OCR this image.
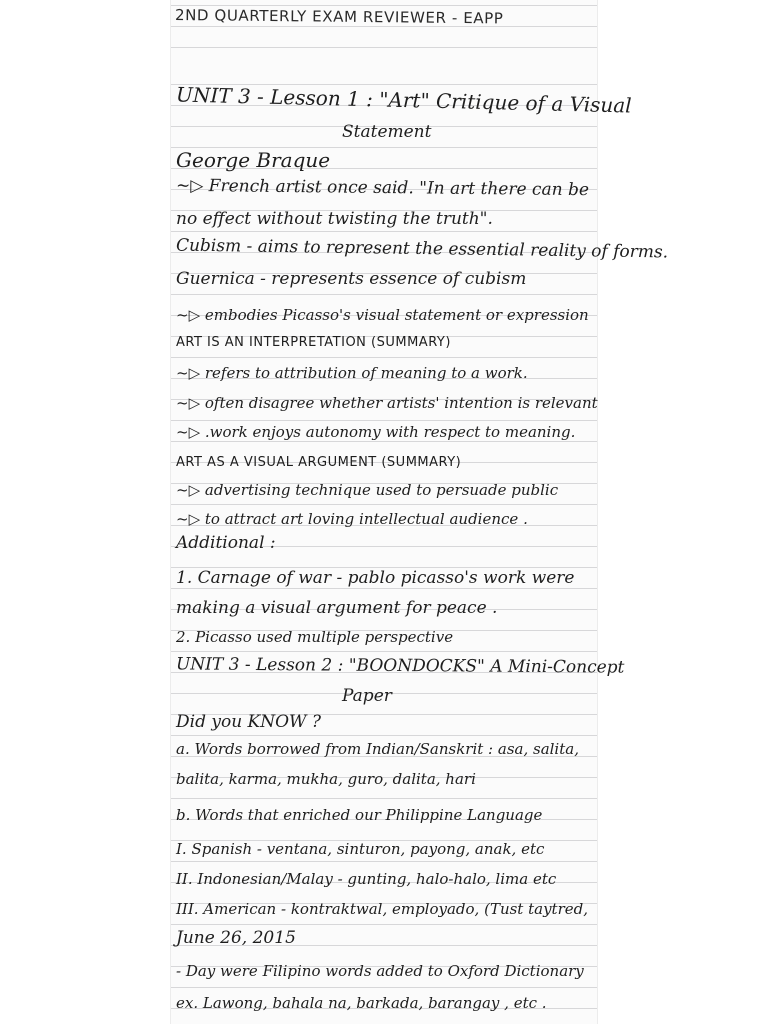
2ND QUARTERLY EXAM REVIEWER - EAPP
UNIT 3 - Lesson 1 : "Art" Critique of a Visual
Statement
George Braque
~▷ French artist once said. "In art there can be
no effect without twisting the truth".
Cubism - aims to represent the essential reality of forms.
Guernica - represents essence of cubism
~▷ embodies Picasso's visual statement or expression
ART IS AN INTERPRETATION (SUMMARY)
~▷ refers to attribution of meaning to a work.
~▷ often disagree whether artists' intention is relevant
~▷ .work enjoys autonomy with respect to meaning.
ART AS A VISUAL ARGUMENT (SUMMARY)
~▷ advertising technique used to persuade public
~▷ to attract art loving intellectual audience .
Additional :
1. Carnage of war - pablo picasso's work were
making a visual argument for peace .
2. Picasso used multiple perspective
UNIT 3 - Lesson 2 : "BOONDOCKS" A Mini-Concept
Paper
Did you KNOW ?
a. Words borrowed from Indian/Sanskrit : asa, salita,
balita, karma, mukha, guro, dalita, hari
b. Words that enriched our Philippine Language
I. Spanish - ventana, sinturon, payong, anak, etc
II. Indonesian/Malay - gunting, halo-halo, lima etc
III. American - kontraktwal, employado, (Tust taytred,
June 26, 2015
- Day were Filipino words added to Oxford Dictionary
ex. Lawong, bahala na, barkada, barangay , etc .
